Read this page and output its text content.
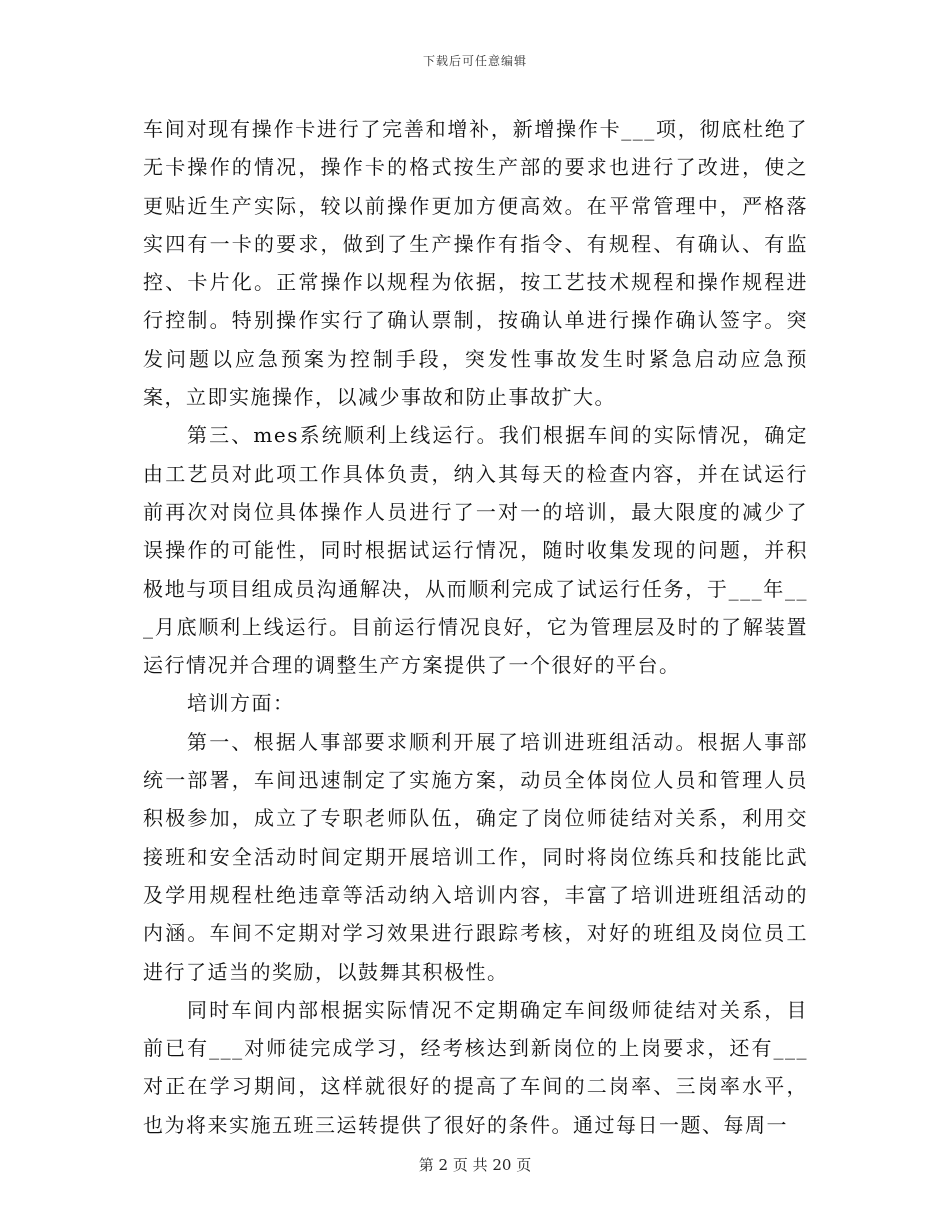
下载后可任意编辑

车间对现有操作卡进行了完善和增补，新增操作卡___项，彻底杜绝了无卡操作的情况，操作卡的格式按生产部的要求也进行了改进，使之更贴近生产实际，较以前操作更加方便高效。在平常管理中，严格落实四有一卡的要求，做到了生产操作有指令、有规程、有确认、有监控、卡片化。正常操作以规程为依据，按工艺技术规程和操作规程进行控制。特别操作实行了确认票制，按确认单进行操作确认签字。突发问题以应急预案为控制手段，突发性事故发生时紧急启动应急预案，立即实施操作，以减少事故和防止事故扩大。

第三、mes系统顺利上线运行。我们根据车间的实际情况，确定由工艺员对此项工作具体负责，纳入其每天的检查内容，并在试运行前再次对岗位具体操作人员进行了一对一的培训，最大限度的减少了误操作的可能性，同时根据试运行情况，随时收集发现的问题，并积极地与项目组成员沟通解决，从而顺利完成了试运行任务，于___年___月底顺利上线运行。目前运行情况良好，它为管理层及时的了解装置运行情况并合理的调整生产方案提供了一个很好的平台。

培训方面：

第一、根据人事部要求顺利开展了培训进班组活动。根据人事部统一部署，车间迅速制定了实施方案，动员全体岗位人员和管理人员积极参加，成立了专职老师队伍，确定了岗位师徒结对关系，利用交接班和安全活动时间定期开展培训工作，同时将岗位练兵和技能比武及学用规程杜绝违章等活动纳入培训内容，丰富了培训进班组活动的内涵。车间不定期对学习效果进行跟踪考核，对好的班组及岗位员工进行了适当的奖励，以鼓舞其积极性。

同时车间内部根据实际情况不定期确定车间级师徒结对关系，目前已有___对师徒完成学习，经考核达到新岗位的上岗要求，还有___对正在学习期间，这样就很好的提高了车间的二岗率、三岗率水平，也为将来实施五班三运转提供了很好的条件。通过每日一题、每周一

第 2 页 共 20 页
